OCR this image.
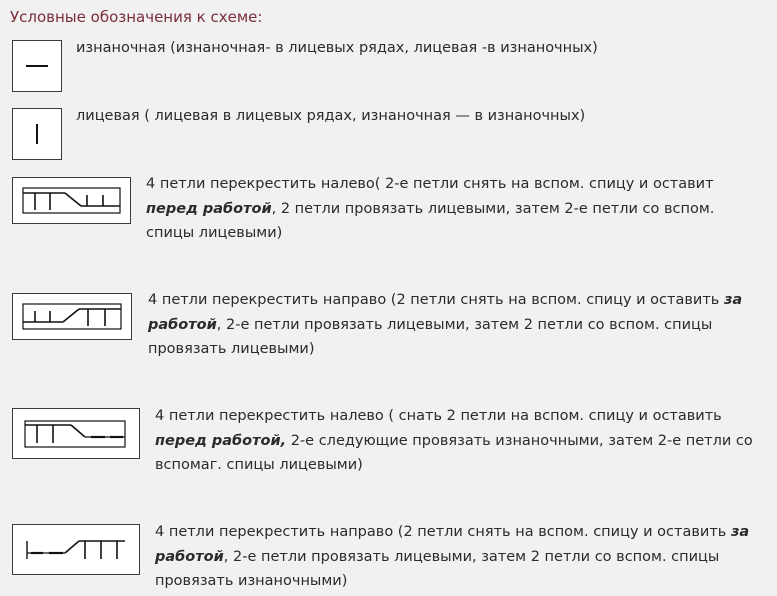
Условные обозначения к схеме:
изнаночная (изнаночная- в лицевых рядах, лицевая -в изнаночных)
лицевая ( лицевая в лицевых рядах, изнаночная — в изнаночных)
4 петли перекрестить налево( 2-е петли снять на вспом. спицу и оставит перед работой, 2 петли провязать лицевыми, затем 2-е петли со вспом. спицы лицевыми)
4 петли перекрестить направо (2 петли снять на вспом. спицу и оставить за работой, 2-е петли провязать лицевыми, затем 2 петли со вспом. спицы провязать лицевыми)
4 петли перекрестить налево ( снать 2 петли на вспом. спицу и оставить перед работой, 2-е следующие провязать изнаночными, затем 2-е петли со вспомаг. спицы лицевыми)
4 петли перекрестить направо (2 петли снять на вспом. спицу и оставить за работой, 2-е петли провязать лицевыми, затем 2 петли со вспом. спицы провязать изнаночными)
